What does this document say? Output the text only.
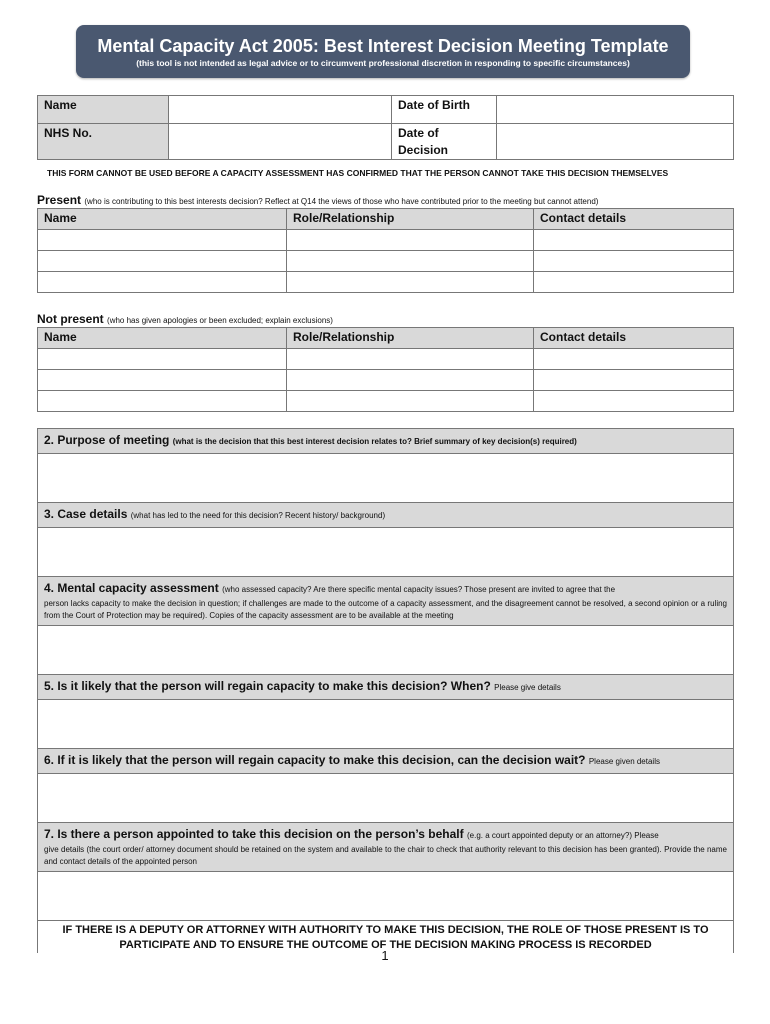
Mental Capacity Act 2005: Best Interest Decision Meeting Template
(this tool is not intended as legal advice or to circumvent professional discretion in responding to specific circumstances)
Name		Date of Birth	
NHS No.		Date of
Decision	
THIS FORM CANNOT BE USED BEFORE A CAPACITY ASSESSMENT HAS CONFIRMED THAT THE PERSON CANNOT TAKE THIS DECISION THEMSELVES
Present (who is contributing to this best interests decision? Reflect at Q14 the views of those who have contributed prior to the meeting but cannot attend)
Name	Role/Relationship	Contact details

Not present (who has given apologies or been excluded; explain exclusions)
Name	Role/Relationship	Contact details

2. Purpose of meeting (what is the decision that this best interest decision relates to? Brief summary of key decision(s) required)

3. Case details (what has led to the need for this decision? Recent history/ background)

4. Mental capacity assessment (who assessed capacity? Are there specific mental capacity issues? Those present are invited to agree that the
person lacks capacity to make the decision in question; if challenges are made to the outcome of a capacity assessment, and the disagreement cannot be resolved, a second opinion or a ruling from the Court of Protection may be required). Copies of the capacity assessment are to be available at the meeting

5. Is it likely that the person will regain capacity to make this decision? When? Please give details

6. If it is likely that the person will regain capacity to make this decision, can the decision wait? Please given details

7. Is there a person appointed to take this decision on the person’s behalf (e.g. a court appointed deputy or an attorney?) Please
give details (the court order/ attorney document should be retained on the system and available to the chair to check that authority relevant to this decision has been granted). Provide the name and contact details of the appointed person

IF THERE IS A DEPUTY OR ATTORNEY WITH AUTHORITY TO MAKE THIS DECISION, THE ROLE OF THOSE PRESENT IS TO
PARTICIPATE AND TO ENSURE THE OUTCOME OF THE DECISION MAKING PROCESS IS RECORDED
1
